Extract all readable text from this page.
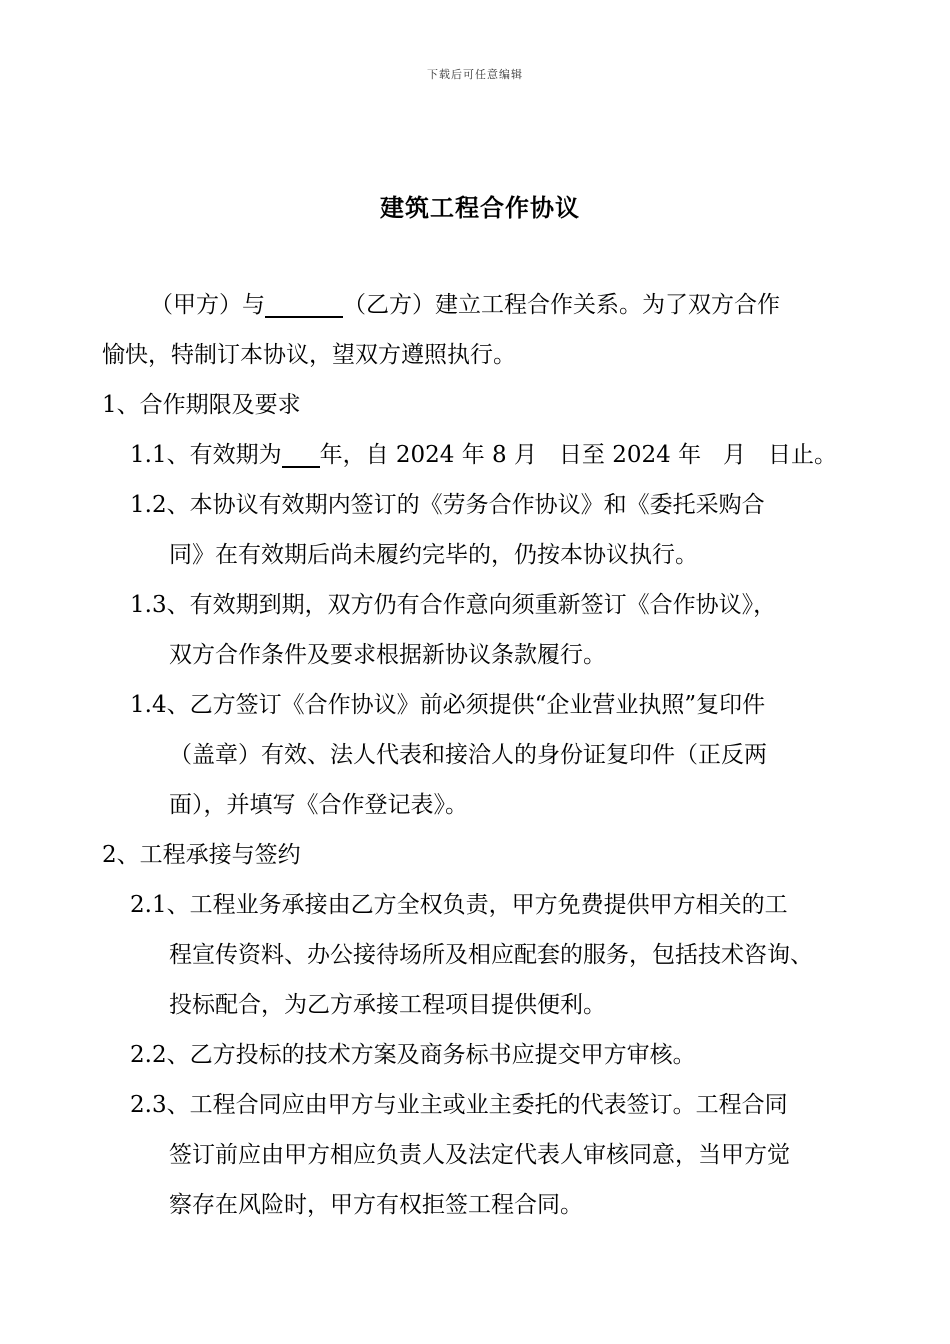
下载后可任意编辑
建筑工程合作协议

（甲方）与	（乙方）建立工程合作关系。为了双方合作

愉快，特制订本协议，望双方遵照执行。

1、合作期限及要求

1.1、有效期为 年，自 2024 年 8 月   日至 2024 年   月   日止。

1.2、本协议有效期内签订的《劳务合作协议》和《委托采购合

同》在有效期后尚未履约完毕的，仍按本协议执行。

1.3、有效期到期，双方仍有合作意向须重新签订《合作协议》，

双方合作条件及要求根据新协议条款履行。

1.4、乙方签订《合作协议》前必须提供“企业营业执照”复印件

（盖章）有效、法人代表和接洽人的身份证复印件（正反两

面），并填写《合作登记表》。

2、工程承接与签约

2.1、工程业务承接由乙方全权负责，甲方免费提供甲方相关的工

程宣传资料、办公接待场所及相应配套的服务，包括技术咨询、

投标配合，为乙方承接工程项目提供便利。

2.2、乙方投标的技术方案及商务标书应提交甲方审核。

2.3、工程合同应由甲方与业主或业主委托的代表签订。工程合同

签订前应由甲方相应负责人及法定代表人审核同意，当甲方觉

察存在风险时，甲方有权拒签工程合同。
